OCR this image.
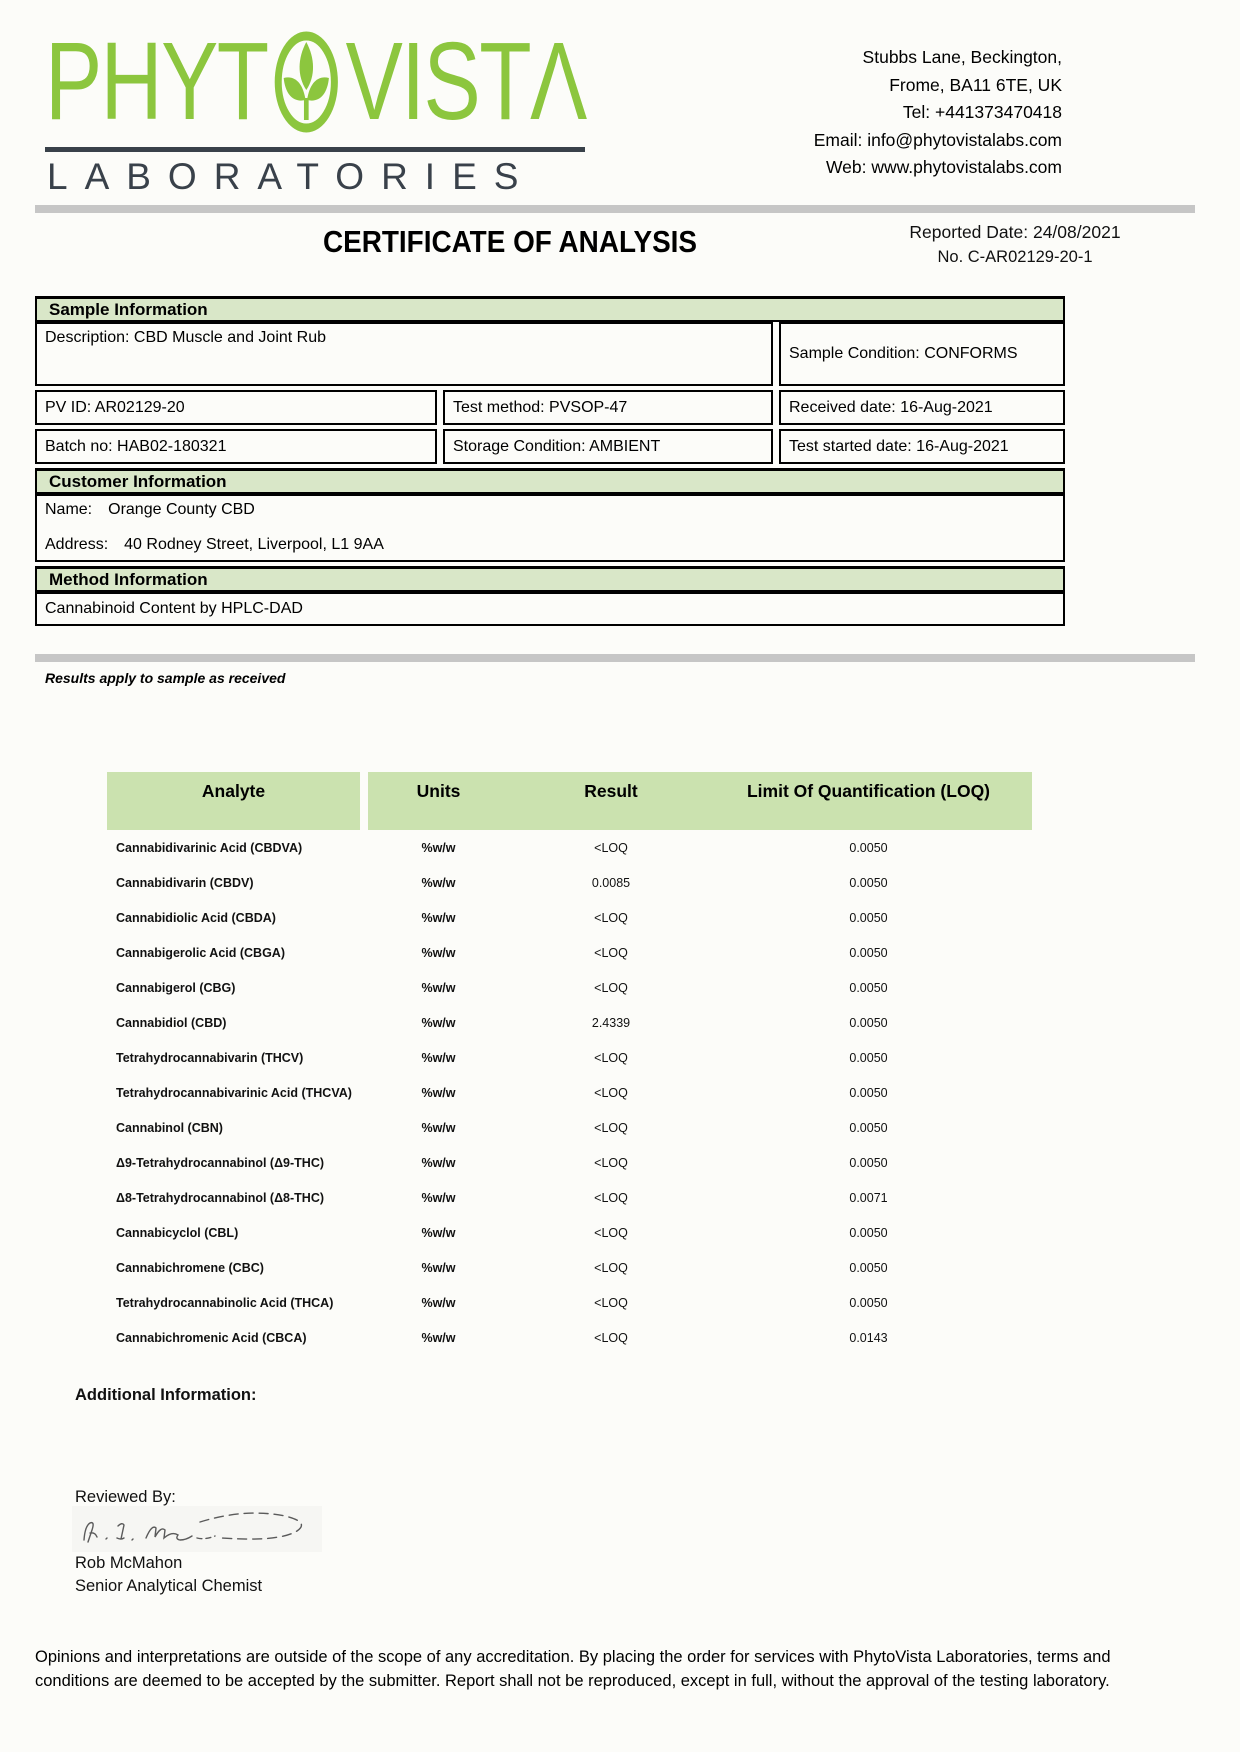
PHYT VISTΛ
LABORATORIES
Stubbs Lane, Beckington,
Frome, BA11 6TE, UK
Tel: +441373470418
Email: info@phytovistalabs.com
Web: www.phytovistalabs.com
CERTIFICATE OF ANALYSIS	Reported Date: 24/08/2021
No. C-AR02129-20-1
Sample Information
Description: CBD Muscle and Joint Rub
Sample Condition: CONFORMS
PV ID: AR02129-20	Test method: PVSOP-47	Received date: 16-Aug-2021
Batch no: HAB02-180321	Storage Condition: AMBIENT	Test started date: 16-Aug-2021
Customer Information

Name: Orange County CBD

Address: 40 Rodney Street, Liverpool, L1 9AA

Method Information
Cannabinoid Content by HPLC-DAD
Results apply to sample as received
Analyte	Units	Result	Limit Of Quantification (LOQ)
Cannabidivarinic Acid (CBDVA)	%w/w	<LOQ	0.0050
Cannabidivarin (CBDV)	%w/w	0.0085	0.0050
Cannabidiolic Acid (CBDA)	%w/w	<LOQ	0.0050
Cannabigerolic Acid (CBGA)	%w/w	<LOQ	0.0050
Cannabigerol (CBG)	%w/w	<LOQ	0.0050
Cannabidiol (CBD)	%w/w	2.4339	0.0050
Tetrahydrocannabivarin (THCV)	%w/w	<LOQ	0.0050
Tetrahydrocannabivarinic Acid (THCVA)	%w/w	<LOQ	0.0050
Cannabinol (CBN)	%w/w	<LOQ	0.0050
Δ9-Tetrahydrocannabinol (Δ9-THC)	%w/w	<LOQ	0.0050
Δ8-Tetrahydrocannabinol (Δ8-THC)	%w/w	<LOQ	0.0071
Cannabicyclol (CBL)	%w/w	<LOQ	0.0050
Cannabichromene (CBC)	%w/w	<LOQ	0.0050
Tetrahydrocannabinolic Acid (THCA)	%w/w	<LOQ	0.0050
Cannabichromenic Acid (CBCA)	%w/w	<LOQ	0.0143
Additional Information:
Reviewed By:
Rob McMahon
Senior Analytical Chemist
Opinions and interpretations are outside of the scope of any accreditation. By placing the order for services with PhytoVista Laboratories, terms and conditions are deemed to be accepted by the submitter. Report shall not be reproduced, except in full, without the approval of the testing laboratory.
